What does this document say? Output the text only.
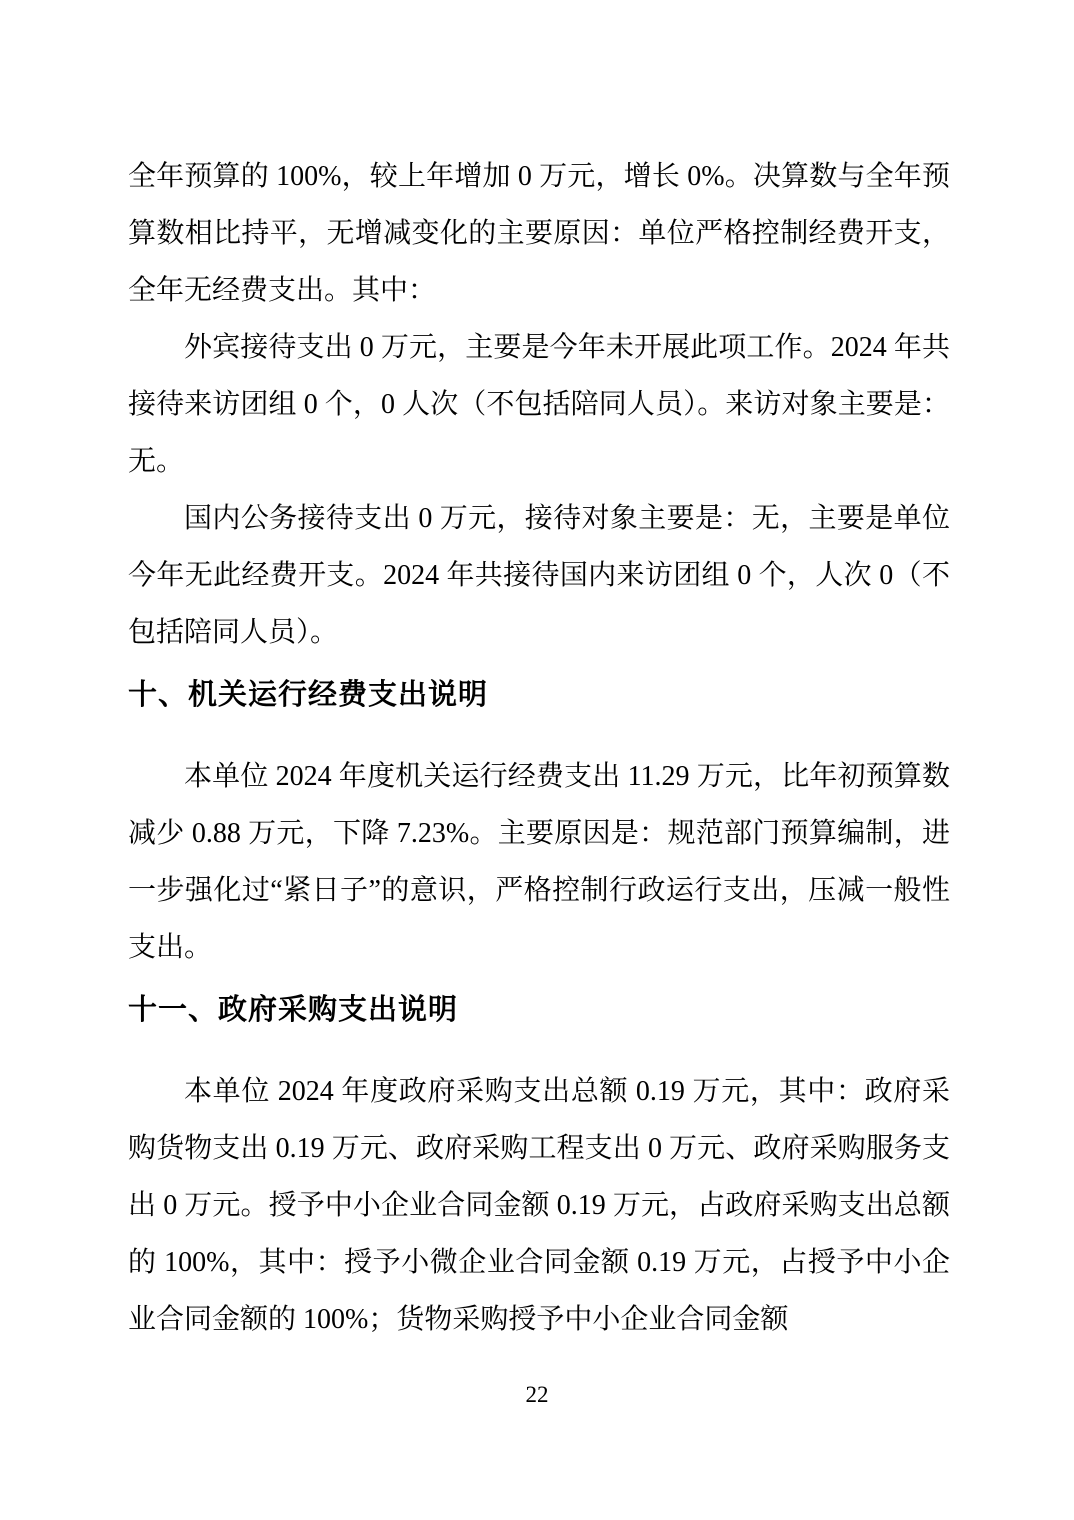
全年预算的 100%，较上年增加 0 万元，增长 0%。决算数与全年预算数相比持平，无增减变化的主要原因：单位严格控制经费开支，全年无经费支出。其中：

外宾接待支出 0 万元，主要是今年未开展此项工作。2024 年共接待来访团组 0 个，0 人次（不包括陪同人员）。来访对象主要是：无。

国内公务接待支出 0 万元，接待对象主要是：无，主要是单位今年无此经费开支。2024 年共接待国内来访团组 0 个，人次 0（不包括陪同人员）。

十、机关运行经费支出说明

本单位 2024 年度机关运行经费支出 11.29 万元，比年初预算数减少 0.88 万元，下降 7.23%。主要原因是：规范部门预算编制，进一步强化过“紧日子”的意识，严格控制行政运行支出，压减一般性支出。

十一、政府采购支出说明

本单位 2024 年度政府采购支出总额 0.19 万元，其中：政府采购货物支出 0.19 万元、政府采购工程支出 0 万元、政府采购服务支出 0 万元。授予中小企业合同金额 0.19 万元，占政府采购支出总额的 100%，其中：授予小微企业合同金额 0.19 万元，占授予中小企业合同金额的 100%；货物采购授予中小企业合同金额

22
